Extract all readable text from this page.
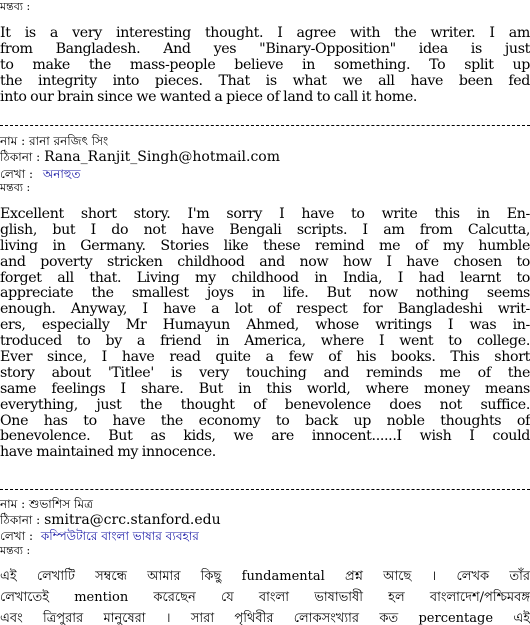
মন্তব্য :
It is a very interesting thought. I agree with the writer. I am
from Bangladesh. And yes "Binary-Opposition" idea is just
to make the mass-people believe in something. To split up
the integrity into pieces. That is what we all have been fed
into our brain since we wanted a piece of land to call it home.
নাম : রানা রনজিৎ সিং
ঠিকানা : Rana_Ranjit_Singh@hotmail.com
লেখা : অনাহুত
মন্তব্য :
Excellent short story. I'm sorry I have to write this in En-
glish, but I do not have Bengali scripts. I am from Calcutta,
living in Germany. Stories like these remind me of my humble
and poverty stricken childhood and now how I have chosen to
forget all that. Living my childhood in India, I had learnt to
appreciate the smallest joys in life. But now nothing seems
enough. Anyway, I have a lot of respect for Bangladeshi writ-
ers, especially Mr Humayun Ahmed, whose writings I was in-
troduced to by a friend in America, where I went to college.
Ever since, I have read quite a few of his books. This short
story about 'Titlee' is very touching and reminds me of the
same feelings I share. But in this world, where money means
everything, just the thought of benevolence does not suffice.
One has to have the economy to back up noble thoughts of
benevolence. But as kids, we are innocent......I wish I could
have maintained my innocence.
নাম : শুভাশিস মিত্র
ঠিকানা : smitra@crc.stanford.edu
লেখা : কম্পিউটারে বাংলা ভাষার ব্যবহার
মন্তব্য :
এই লেখাটি সম্বন্ধে আমার কিছু fundamental প্রশ্ন আছে । লেখক তাঁর
লেখাতেই mention করেছেন যে বাংলা ভাষাভাষী হল বাংলাদেশ/পশ্চিমবঙ্গ
এবং ত্রিপুরার মানুষেরা । সারা পৃথিবীর লোকসংখ্যার কত percentage এই
